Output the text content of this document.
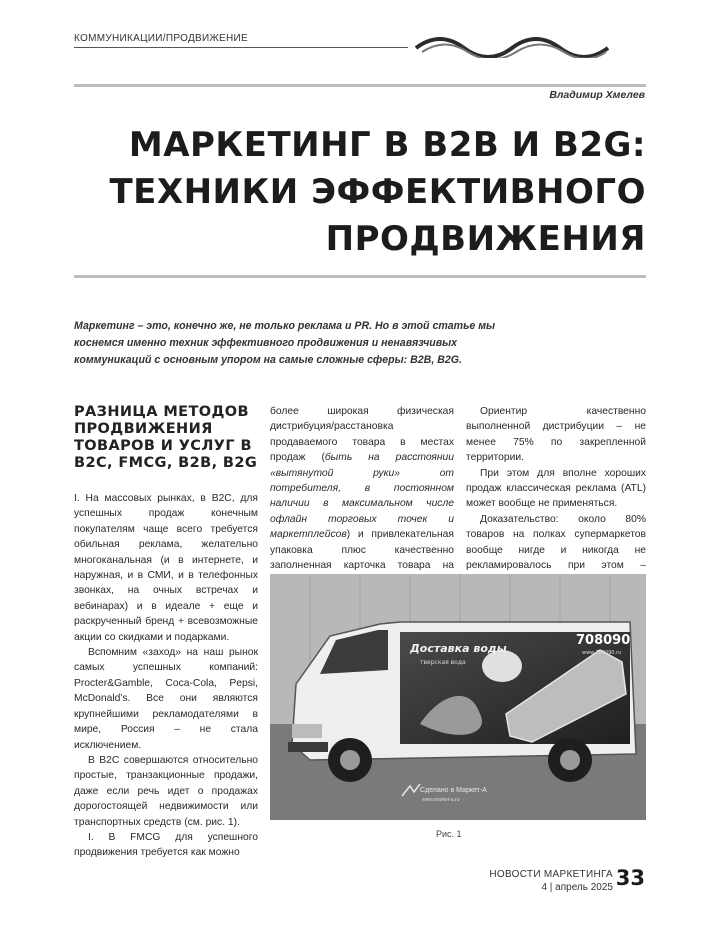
КОММУНИКАЦИИ/ПРОДВИЖЕНИЕ
Владимир Хмелев
МАРКЕТИНГ В B2B И B2G: ТЕХНИКИ ЭФФЕКТИВНОГО ПРОДВИЖЕНИЯ
Маркетинг – это, конечно же, не только реклама и PR. Но в этой статье мы коснемся именно техник эффективного продвижения и ненавязчивых коммуникаций с основным упором на самые сложные сферы: B2B, B2G.
РАЗНИЦА МЕТОДОВ ПРОДВИЖЕНИЯ ТОВАРОВ И УСЛУГ В B2C, FMCG, B2B, B2G

I. На массовых рынках, в B2C, для успешных продаж конечным покупателям чаще всего требуется обильная реклама, желательно многоканальная (и в интернете, и наружная, и в СМИ, и в телефонных звонках, на очных встречах и вебинарах) и в идеале + еще и раскрученный бренд + всевозможные акции со скидками и подарками.

Вспомним «заход» на наш рынок самых успешных компаний: Procter&Gamble, Coca-Cola, Pepsi, McDonald's. Все они являются крупнейшими рекламодателями в мире, Россия – не стала исключением.

В B2C совершаются относительно простые, транзакционные продажи, даже если речь идет о продажах дорогостоящей недвижимости или транспортных средств (см. рис. 1).

I. В FMCG для успешного продвижения требуется как можно

более широкая физическая дистрибуция/расстановка продаваемого товара в местах продаж (быть на расстоянии «вытянутой руки» от потребителя, в постоянном наличии в максимальном числе офлайн торговых точек и маркетплейсов) и привлекательная упаковка плюс качественно заполненная карточка товара на

Ориентир качественно выполненной дистрибуции – не менее 75% по закрепленной территории.

При этом для вполне хороших продаж классическая реклама (ATL) может вообще не применяться.

Доказательство: около 80% товаров на полках супермаркетов вообще нигде и никогда не рекламировалось при этом –

Доставка воды
тверская вода
708090
www.708090.ru
Сделано в Маркет-А
www.market-a.ru
Рис. 1
НОВОСТИ МАРКЕТИНГА
4 | апрель 2025 33
